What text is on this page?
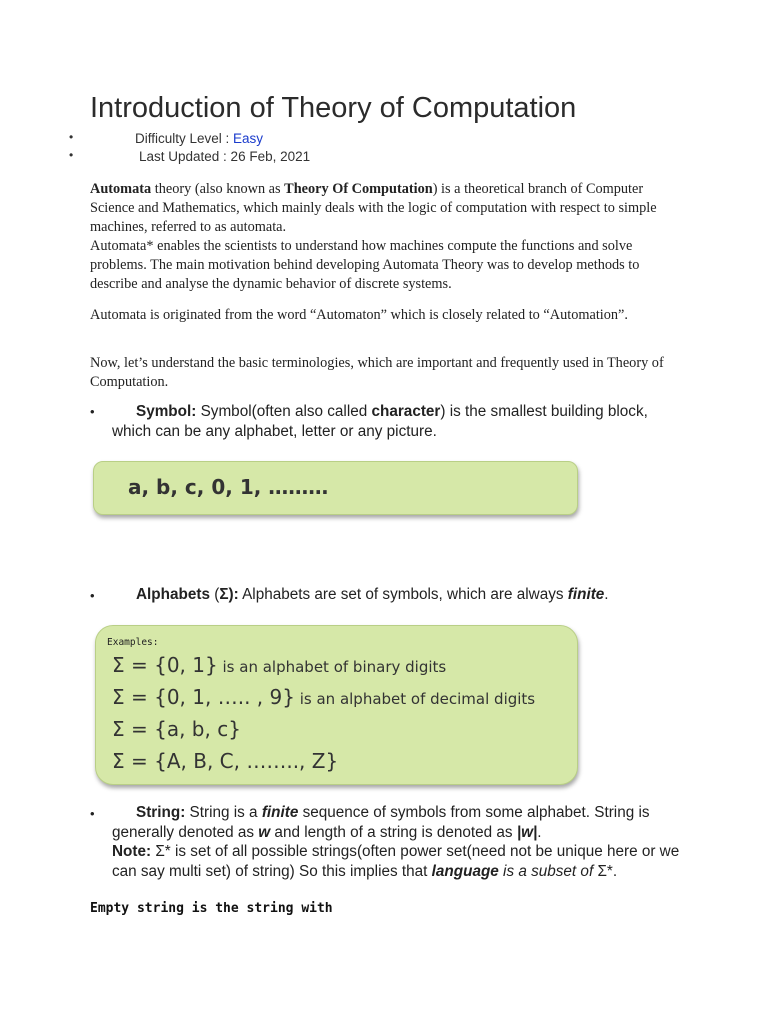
Introduction of Theory of Computation
•	Difficulty Level : Easy
•	Last Updated : 26 Feb, 2021
Automata theory (also known as Theory Of Computation) is a theoretical branch of Computer Science and Mathematics, which mainly deals with the logic of computation with respect to simple machines, referred to as automata.
Automata* enables the scientists to understand how machines compute the functions and solve problems. The main motivation behind developing Automata Theory was to develop methods to describe and analyse the dynamic behavior of discrete systems.
Automata is originated from the word “Automaton” which is closely related to “Automation”.
Now, let’s understand the basic terminologies, which are important and frequently used in Theory of Computation.
•	Symbol: Symbol(often also called character) is the smallest building block, which can be any alphabet, letter or any picture.
a, b, c, 0, 1, ………
•	Alphabets (Σ): Alphabets are set of symbols, which are always finite.
Examples:
Σ = {0, 1} is an alphabet of binary digits
Σ = {0, 1, ….. , 9} is an alphabet of decimal digits
Σ = {a, b, c}
Σ = {A, B, C, …….., Z}
•	String: String is a finite sequence of symbols from some alphabet. String is generally denoted as w and length of a string is denoted as |w|.
Note: Σ* is set of all possible strings(often power set(need not be unique here or we can say multi set) of string) So this implies that language is a subset of Σ*.
Empty string is the string with
